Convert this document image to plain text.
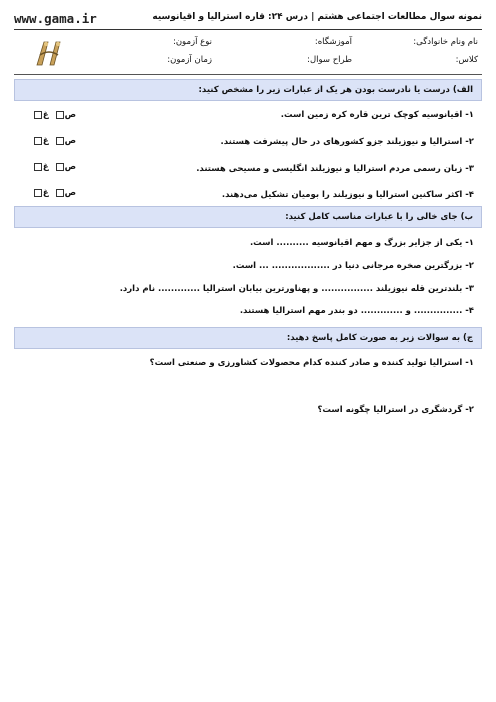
www.gama.ir	نمونه سوال مطالعات اجتماعی هشتم | درس ۲۴: قاره استرالیا و اقیانوسیه
نام ونام خانوادگی:
آموزشگاه:
نوع آزمون:
کلاس:
طراح سوال:
زمان آزمون:
الف) درست یا نادرست بودن هر یک از عبارات زیر را مشخص کنید:
۱- اقیانوسیه کوچک ترین قاره کره زمین است.
ص  غ
۲- استرالیا و نیوزیلند جزو کشورهای در حال پیشرفت هستند.
ص  غ
۳- زبان رسمی مردم استرالیا و نیوزیلند انگلیسی و مسیحی هستند.
ص  غ
۴- اکثر ساکنین استرالیا و نیوزیلند را بومیان تشکیل می‌دهند.
ص  غ
ب) جای خالی را با عبارات مناسب کامل کنید:
۱- یکی از جزایر بزرگ و مهم اقیانوسیه .......... است.
۲- بزرگترین صخره مرجانی دنیا در .................. ... است.
۳- بلندترین قله نیوزیلند ................ و پهناورترین بیابان استرالیا ............. نام دارد.
۴- ............... و ............. دو بندر مهم استرالیا هستند.
ج) به سوالات زیر به صورت کامل پاسخ دهید:
۱- استرالیا تولید کننده و صادر کننده کدام محصولات کشاورزی و صنعتی است؟
۲- گردشگری در استرالیا چگونه است؟
